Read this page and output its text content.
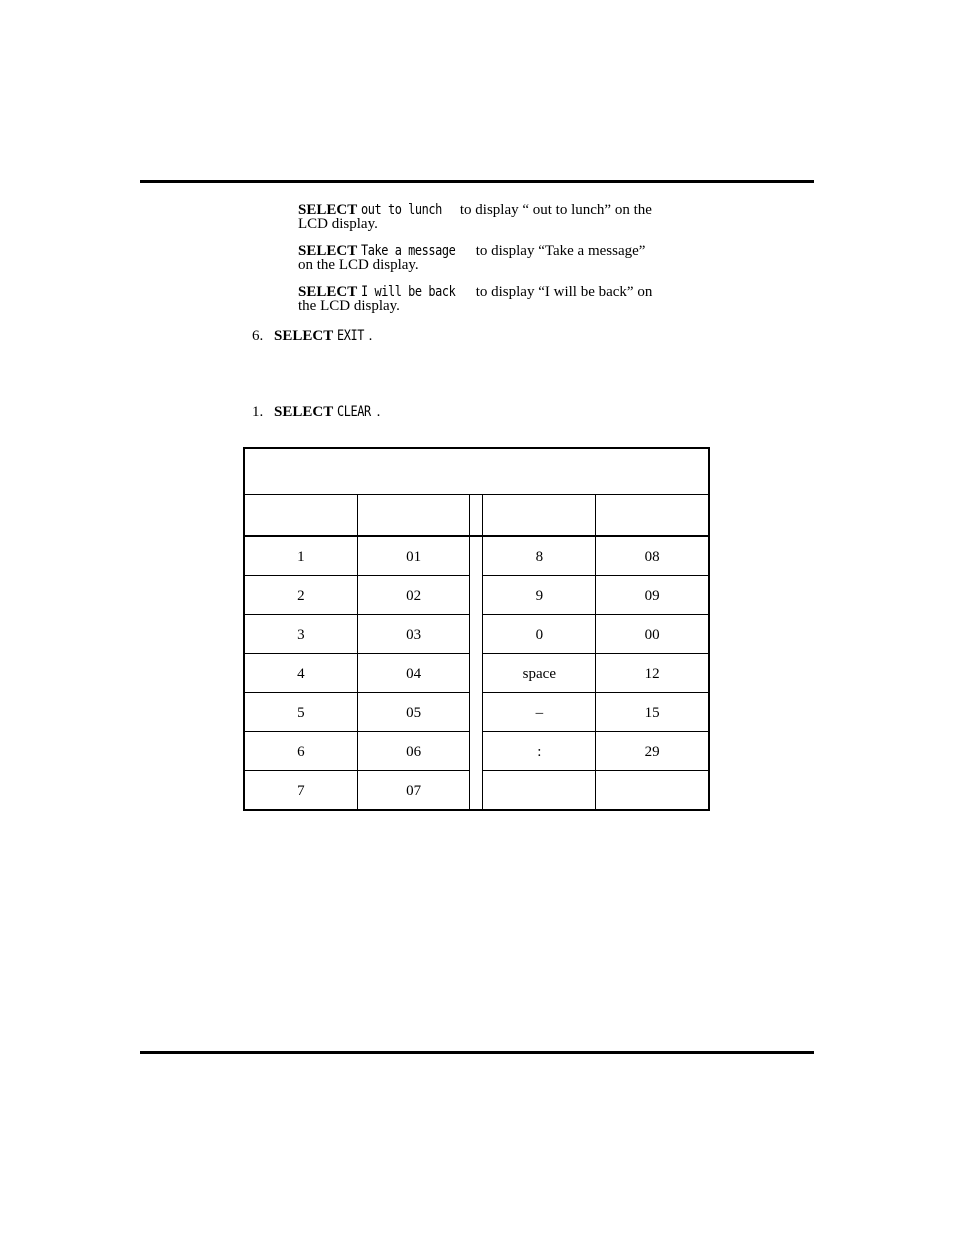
SELECT out to lunch to display “ out to lunch” on the
LCD display.
SELECT Take a message to display “Take a message”
on the LCD display.
SELECT I will be back to display “I will be back” on
the LCD display.
6. SELECT EXIT .
1. SELECT CLEAR .

1	01		8	08
2	02		9	09
3	03		0	00
4	04		space	12
5	05		–	15
6	06		:	29
7	07			
